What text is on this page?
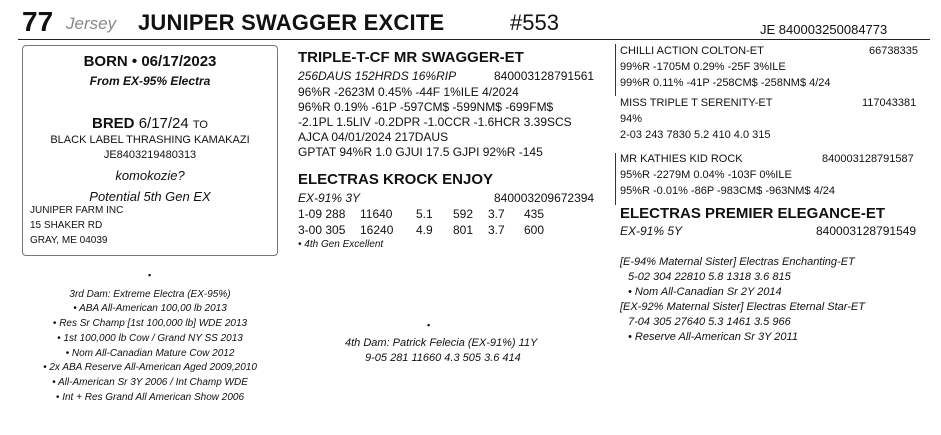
77 Jersey JUNIPER SWAGGER EXCITE	#553	JE 840003250084773
BORN • 06/17/2023
From EX-95% Electra
BRED 6/17/24 TO
BLACK LABEL THRASHING KAMAKAZI
JE8403219480313
komokozie?
Potential 5th Gen EX
JUNIPER FARM INC
15 SHAKER RD
GRAY, ME 04039
▪
3rd Dam: Extreme Electra (EX-95%)
• ABA All-American 100,00 lb 2013
• Res Sr Champ [1st 100,000 lb] WDE 2013
• 1st 100,000 lb Cow / Grand NY SS 2013
• Nom All-Canadian Mature Cow 2012
• 2x ABA Reserve All-American Aged 2009,2010
• All-American Sr 3Y 2006 / Int Champ WDE
• Int + Res Grand All American Show 2006
TRIPLE-T-CF MR SWAGGER-ET
256DAUS 152HRDS 16%RIP	840003128791561
96%R -2623M 0.45% -44F 1%ILE 4/2024
96%R 0.19% -61P -597CM$ -599NM$ -699FM$
-2.1PL 1.5LIV -0.2DPR -1.0CCR -1.6HCR 3.39SCS
AJCA 04/01/2024 217DAUS
GPTAT 94%R 1.0 GJUI 17.5 GJPI 92%R -145
ELECTRAS KROCK ENJOY
EX-91% 3Y	840003209672394
1-09 288 11640 5.1 592 3.7 435
3-00 305 16240 4.9 801 3.7 600
• 4th Gen Excellent
▪
4th Dam: Patrick Felecia (EX-91%) 11Y
9-05 281 11660 4.3 505 3.6 414
CHILLI ACTION COLTON-ET	66738335
99%R -1705M 0.29% -25F 3%ILE
99%R 0.11% -41P -258CM$ -258NM$ 4/24
MISS TRIPLE T SERENITY-ET	117043381
94%
2-03 243 7830 5.2 410 4.0 315
MR KATHIES KID ROCK	840003128791587
95%R -2279M 0.04% -103F 0%ILE
95%R -0.01% -86P -983CM$ -963NM$ 4/24
ELECTRAS PREMIER ELEGANCE-ET
EX-91% 5Y	840003128791549
[E-94% Maternal Sister] Electras Enchanting-ET
5-02 304 22810 5.8 1318 3.6 815
• Nom All-Canadian Sr 2Y 2014
[EX-92% Maternal Sister] Electras Eternal Star-ET
7-04 305 27640 5.3 1461 3.5 966
• Reserve All-American Sr 3Y 2011
